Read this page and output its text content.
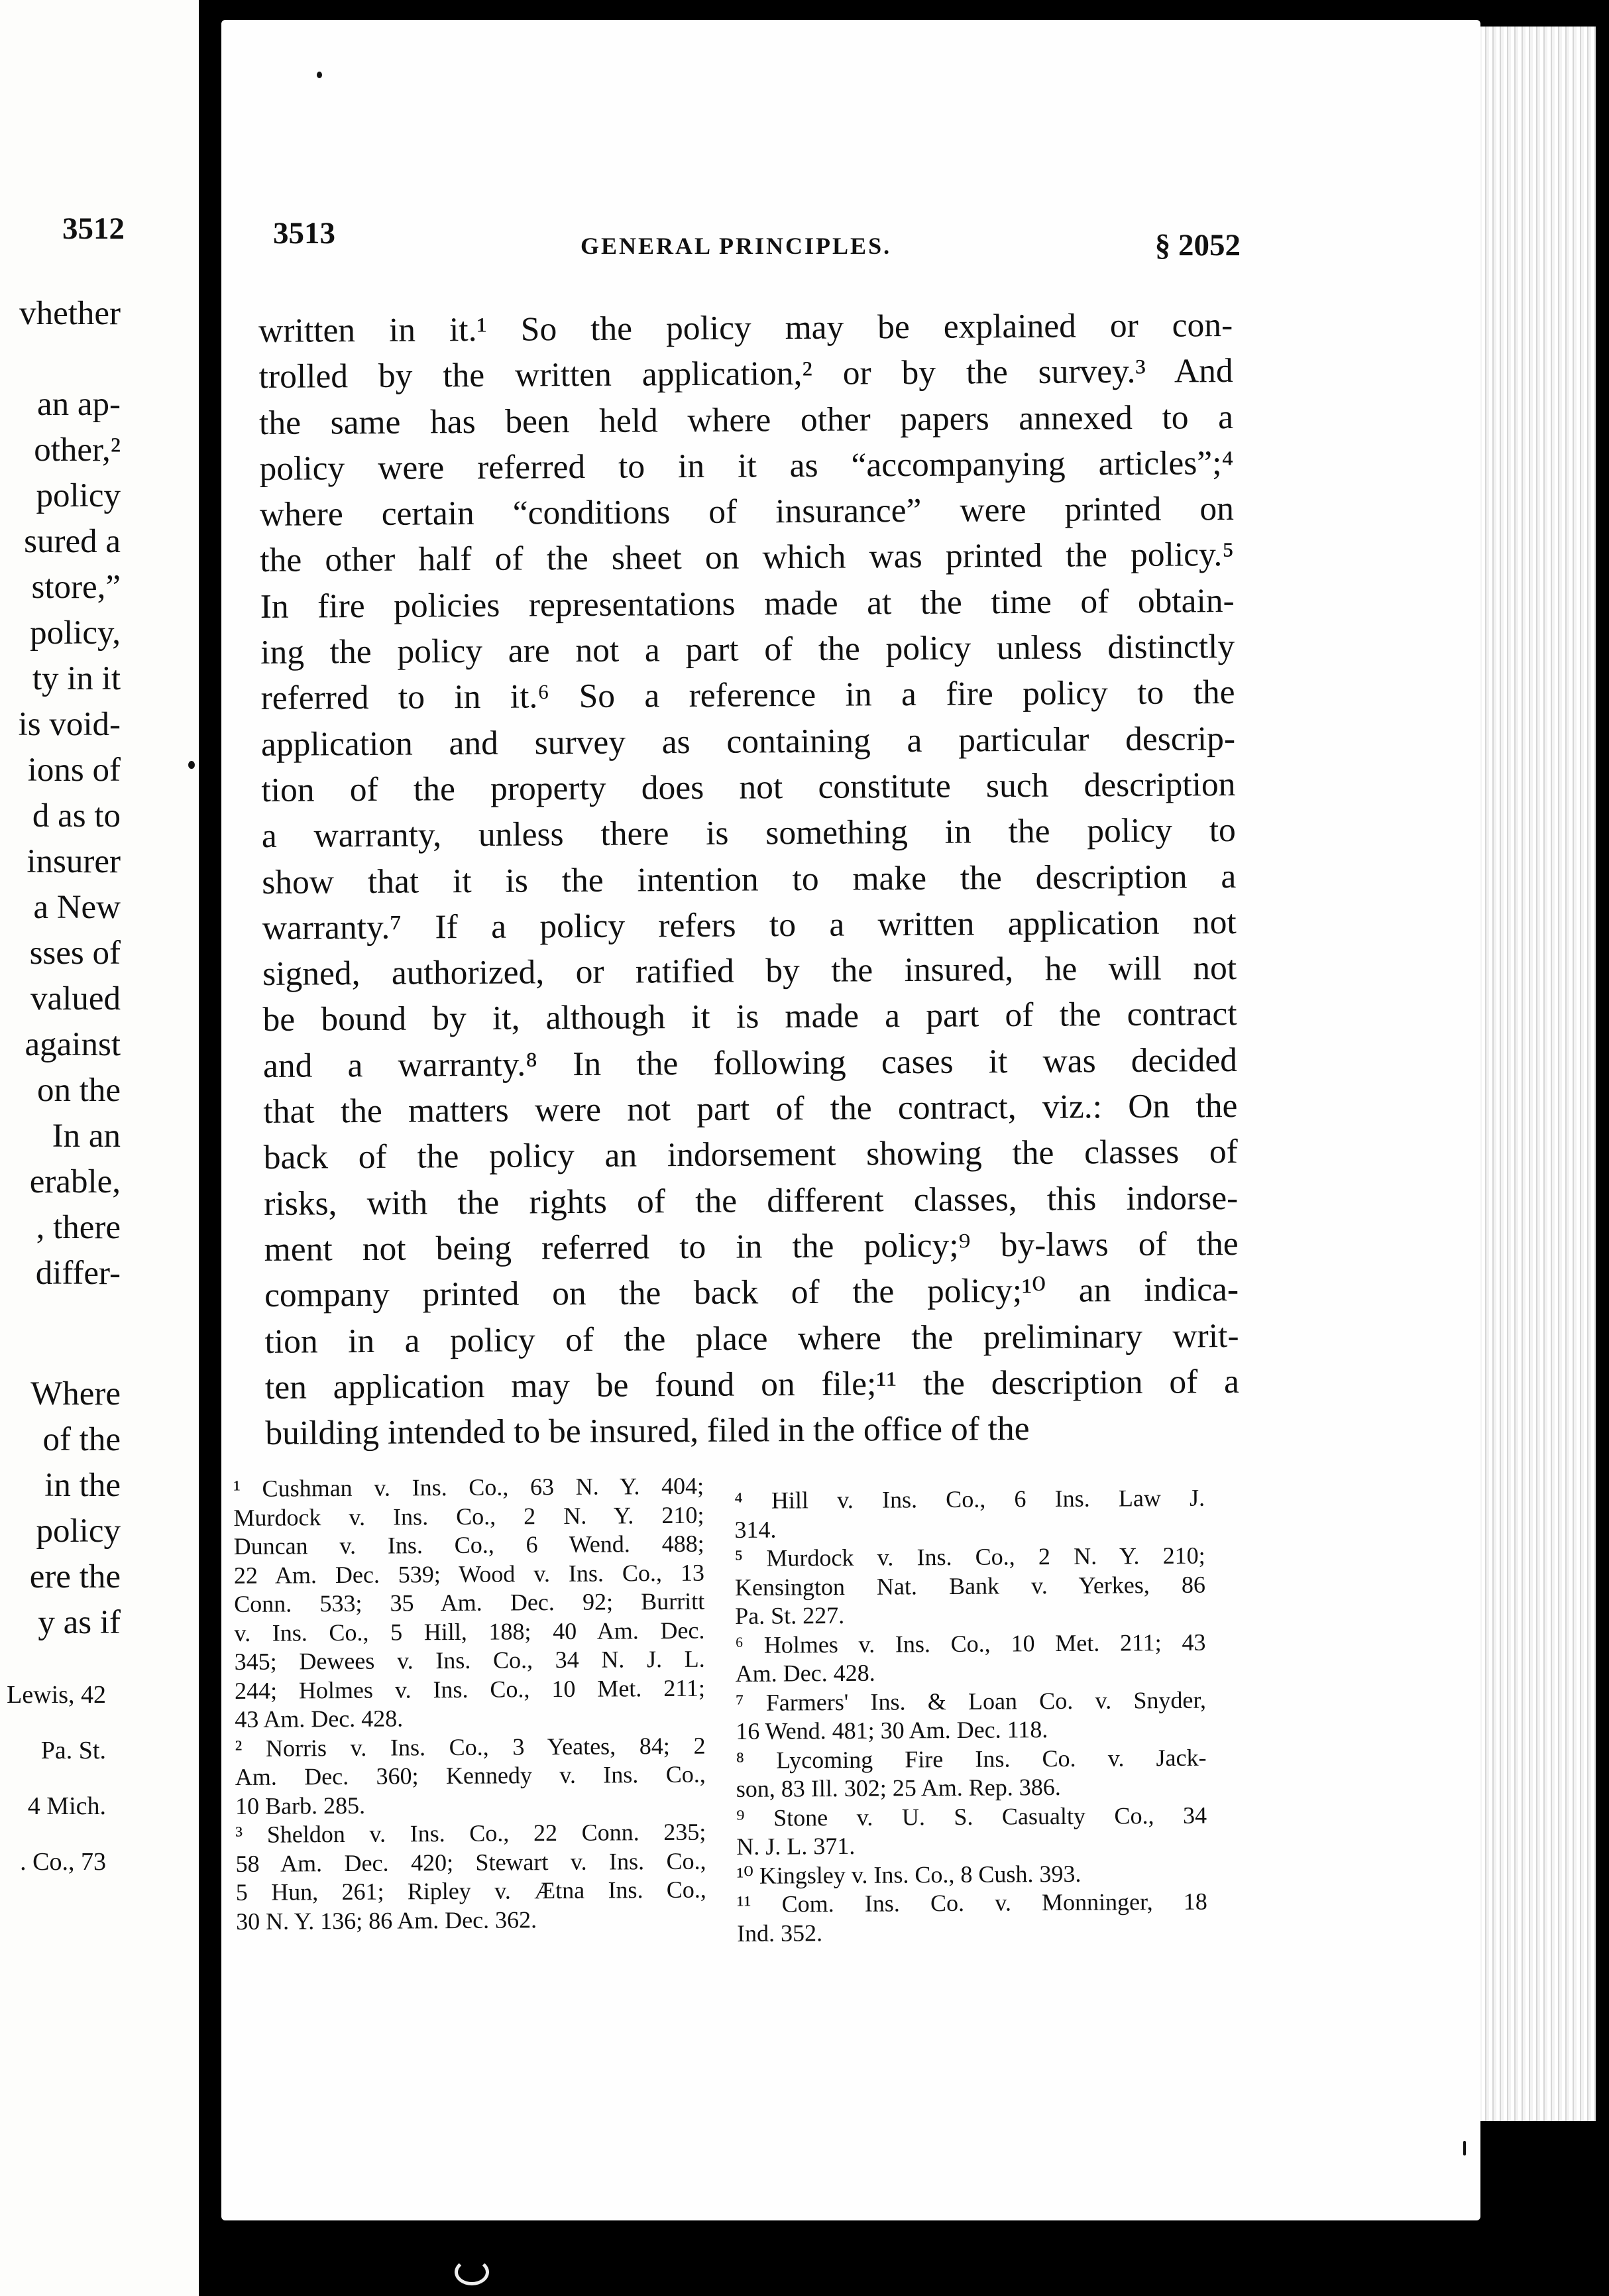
3512
vhether
an ap-
other,²
policy
sured a
store,”
policy,
ty in it
is void-
ions of
d as to
insurer
a New
sses of
valued
against
on the
In an
erable,
, there
differ-
Where
of the
in the
policy
ere the
y as if
Lewis, 42
Pa. St.
4 Mich.
. Co., 73
3513	GENERAL PRINCIPLES.	§ 2052
written in it.¹ So the policy may be explained or con-
trolled by the written application,² or by the survey.³ And
the same has been held where other papers annexed to a
policy were referred to in it as “accompanying articles”;⁴
where certain “conditions of insurance” were printed on
the other half of the sheet on which was printed the policy.⁵
In fire policies representations made at the time of obtain-
ing the policy are not a part of the policy unless distinctly
referred to in it.⁶ So a reference in a fire policy to the
application and survey as containing a particular descrip-
tion of the property does not constitute such description
a warranty, unless there is something in the policy to
show that it is the intention to make the description a
warranty.⁷ If a policy refers to a written application not
signed, authorized, or ratified by the insured, he will not
be bound by it, although it is made a part of the contract
and a warranty.⁸ In the following cases it was decided
that the matters were not part of the contract, viz.: On the
back of the policy an indorsement showing the classes of
risks, with the rights of the different classes, this indorse-
ment not being referred to in the policy;⁹ by-laws of the
company printed on the back of the policy;¹⁰ an indica-
tion in a policy of the place where the preliminary writ-
ten application may be found on file;¹¹ the description of a
building intended to be insured, filed in the office of the
¹ Cushman v. Ins. Co., 63 N. Y. 404;
Murdock v. Ins. Co., 2 N. Y. 210;
Duncan v. Ins. Co., 6 Wend. 488;
22 Am. Dec. 539; Wood v. Ins. Co., 13
Conn. 533; 35 Am. Dec. 92; Burritt
v. Ins. Co., 5 Hill, 188; 40 Am. Dec.
345; Dewees v. Ins. Co., 34 N. J. L.
244; Holmes v. Ins. Co., 10 Met. 211;
43 Am. Dec. 428.
² Norris v. Ins. Co., 3 Yeates, 84; 2
Am. Dec. 360; Kennedy v. Ins. Co.,
10 Barb. 285.
³ Sheldon v. Ins. Co., 22 Conn. 235;
58 Am. Dec. 420; Stewart v. Ins. Co.,
5 Hun, 261; Ripley v. Ætna Ins. Co.,
30 N. Y. 136; 86 Am. Dec. 362.
⁴ Hill v. Ins. Co., 6 Ins. Law J.
314.
⁵ Murdock v. Ins. Co., 2 N. Y. 210;
Kensington Nat. Bank v. Yerkes, 86
Pa. St. 227.
⁶ Holmes v. Ins. Co., 10 Met. 211; 43
Am. Dec. 428.
⁷ Farmers' Ins. & Loan Co. v. Snyder,
16 Wend. 481; 30 Am. Dec. 118.
⁸ Lycoming Fire Ins. Co. v. Jack-
son, 83 Ill. 302; 25 Am. Rep. 386.
⁹ Stone v. U. S. Casualty Co., 34
N. J. L. 371.
¹⁰ Kingsley v. Ins. Co., 8 Cush. 393.
¹¹ Com. Ins. Co. v. Monninger, 18
Ind. 352.
